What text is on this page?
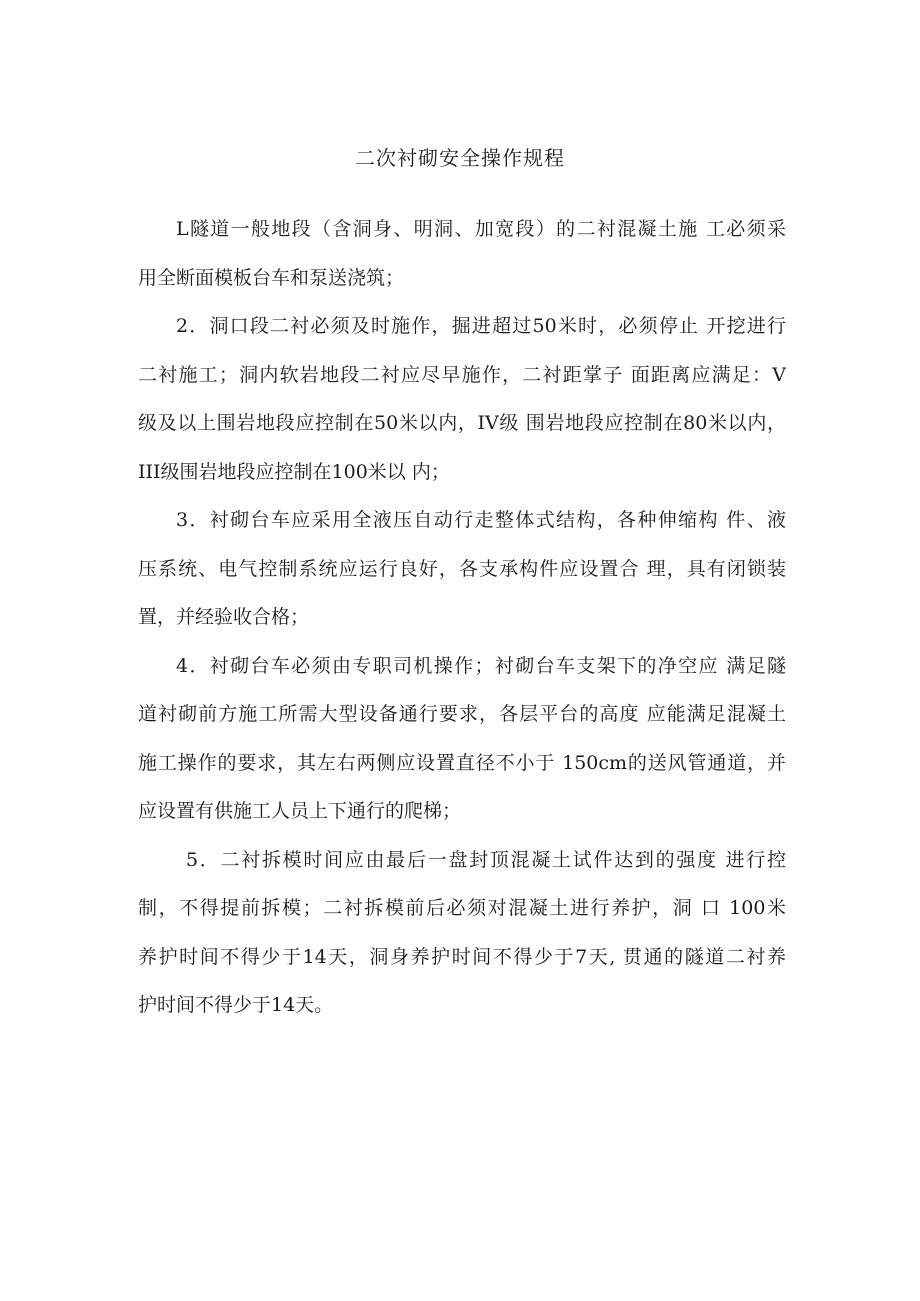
二次衬砌安全操作规程

L隧道一般地段（含洞身、明洞、加宽段）的二衬混凝土施 工必须采
用全断面模板台车和泵送浇筑；

2．洞口段二衬必须及时施作，掘进超过50米时，必须停止 开挖进行
二衬施工；洞内软岩地段二衬应尽早施作，二衬距掌子 面距离应满足：V
级及以上围岩地段应控制在50米以内，IV级 围岩地段应控制在80米以内，
III级围岩地段应控制在100米以 内；

3．衬砌台车应采用全液压自动行走整体式结构，各种伸缩构 件、液
压系统、电气控制系统应运行良好，各支承构件应设置合 理，具有闭锁装
置，并经验收合格；

4．衬砌台车必须由专职司机操作；衬砌台车支架下的净空应 满足隧
道衬砌前方施工所需大型设备通行要求，各层平台的高度 应能满足混凝土
施工操作的要求，其左右两侧应设置直径不小于 150cm的送风管通道，并
应设置有供施工人员上下通行的爬梯；

5．二衬拆模时间应由最后一盘封顶混凝土试件达到的强度 进行控
制，不得提前拆模；二衬拆模前后必须对混凝土进行养护，洞 口 100米
养护时间不得少于14天，洞身养护时间不得少于7天, 贯通的隧道二衬养
护时间不得少于14天。
